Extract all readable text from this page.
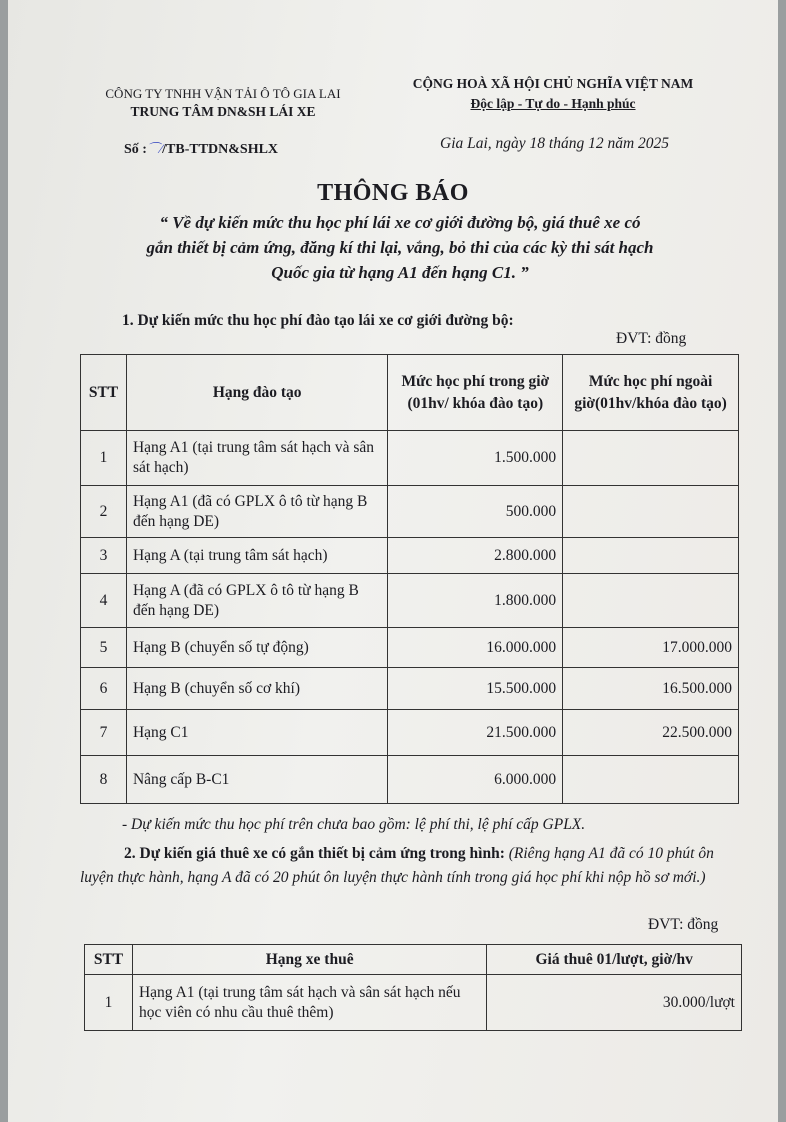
CÔNG TY TNHH VẬN TẢI Ô TÔ GIA LAI
TRUNG TÂM DN&SH LÁI XE
CỘNG HOÀ XÃ HỘI CHỦ NGHĨA VIỆT NAM
Độc lập - Tự do - Hạnh phúc
Số :⌒⁄/TB-TTDN&SHLX	Gia Lai, ngày 18 tháng 12 năm 2025
THÔNG BÁO
“ Về dự kiến mức thu học phí lái xe cơ giới đường bộ, giá thuê xe có
gắn thiết bị cảm ứng, đăng kí thi lại, vắng, bỏ thi của các kỳ thi sát hạch
Quốc gia từ hạng A1 đến hạng C1. ”
1. Dự kiến mức thu học phí đào tạo lái xe cơ giới đường bộ:
ĐVT: đồng
STT	Hạng đào tạo	Mức học phí trong giờ (01hv/ khóa đào tạo)	Mức học phí ngoài giờ(01hv/khóa đào tạo)
1	Hạng A1 (tại trung tâm sát hạch và sân sát hạch)	1.500.000	
2	Hạng A1 (đã có GPLX ô tô từ hạng B đến hạng DE)	500.000	
3	Hạng A (tại trung tâm sát hạch)	2.800.000	
4	Hạng A (đã có GPLX ô tô từ hạng B đến hạng DE)	1.800.000	
5	Hạng B (chuyển số tự động)	16.000.000	17.000.000
6	Hạng B (chuyển số cơ khí)	15.500.000	16.500.000
7	Hạng C1	21.500.000	22.500.000
8	Nâng cấp B-C1	6.000.000	
- Dự kiến mức thu học phí trên chưa bao gồm: lệ phí thi, lệ phí cấp GPLX.
2. Dự kiến giá thuê xe có gắn thiết bị cảm ứng trong hình: (Riêng hạng A1 đã có 10 phút ôn luyện thực hành, hạng A đã có 20 phút ôn luyện thực hành tính trong giá học phí khi nộp hồ sơ mới.)
ĐVT: đồng
STT	Hạng xe thuê	Giá thuê 01/lượt, giờ/hv
1	Hạng A1 (tại trung tâm sát hạch và sân sát hạch nếu học viên có nhu cầu thuê thêm)	30.000/lượt
